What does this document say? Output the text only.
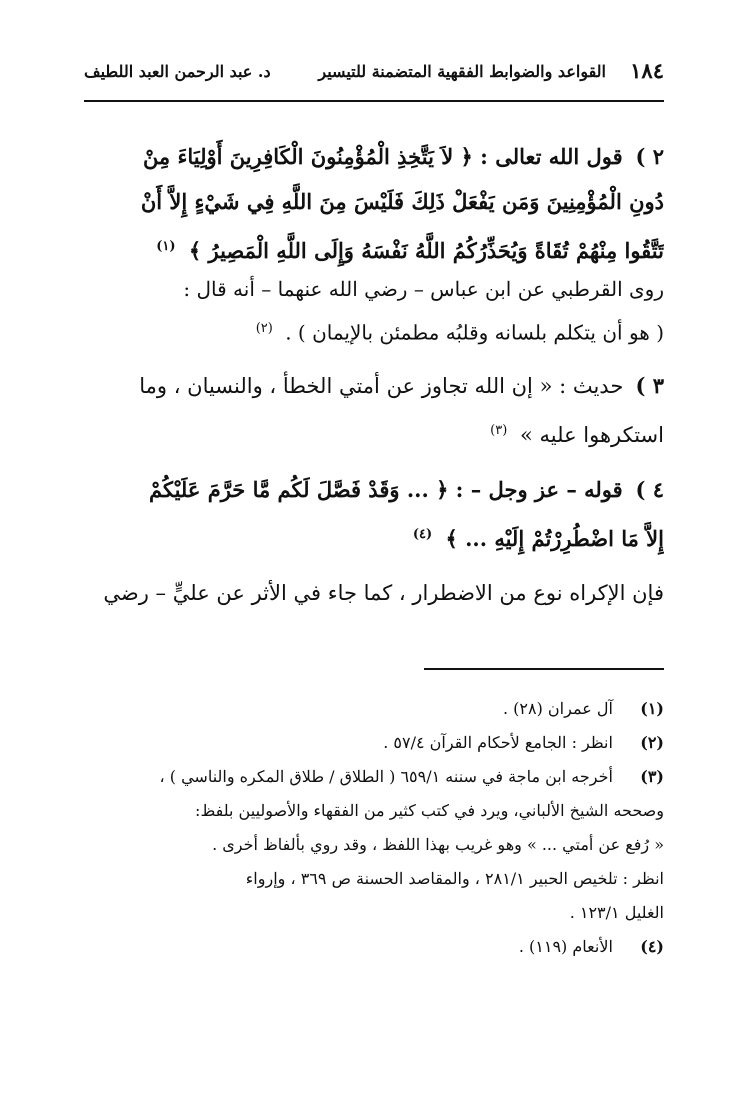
١٨٤
القواعد والضوابط الفقهية المتضمنة للتيسير
د. عبد الرحمن العبد اللطيف
٢ ) قول الله تعالى : ﴿ لاَ يَتَّخِذِ الْمُؤْمِنُونَ الْكَافِرِينَ أَوْلِيَاءَ مِنْ
دُونِ الْمُؤْمِنِينَ وَمَن يَفْعَلْ ذَلِكَ فَلَيْسَ مِنَ اللَّهِ فِي شَيْءٍ إِلاَّ أَنْ
تَتَّقُوا مِنْهُمْ تُقَاةً وَيُحَذِّرُكُمُ اللَّهُ نَفْسَهُ وَإِلَى اللَّهِ الْمَصِيرُ ﴾ $^{(١)}$
روى القرطبي عن ابن عباس – رضي الله عنهما – أنه قال :
( هو أن يتكلم بلسانه وقلبُه مطمئن بالإيمان ) . $^{(٢)}$
٣ ) حديث : « إن الله تجاوز عن أمتي الخطأ ، والنسيان ، وما
استكرهوا عليه » $^{(٣)}$
٤ ) قوله – عز وجل – : ﴿ ... وَقَدْ فَصَّلَ لَكُم مَّا حَرَّمَ عَلَيْكُمْ
إِلاَّ مَا اضْطُرِرْتُمْ إِلَيْهِ ... ﴾ $^{(٤)}$
فإن الإكراه نوع من الاضطرار ، كما جاء في الأثر عن عليٍّ – رضي
(١) آل عمران (٢٨) .
(٢) انظر : الجامع لأحكام القرآن ٥٧/٤ .
(٣) أخرجه ابن ماجة في سننه ٦٥٩/١ ( الطلاق / طلاق المكره والناسي ) ،
وصححه الشيخ الألباني، ويرد في كتب كثير من الفقهاء والأصوليين بلفظ:
« رُفع عن أمتي ... » وهو غريب بهذا اللفظ ، وقد روي بألفاظ أخرى .
انظر : تلخيص الحبير ٢٨١/١ ، والمقاصد الحسنة ص ٣٦٩ ، وإرواء
الغليل ١٢٣/١ .
(٤) الأنعام (١١٩) .
